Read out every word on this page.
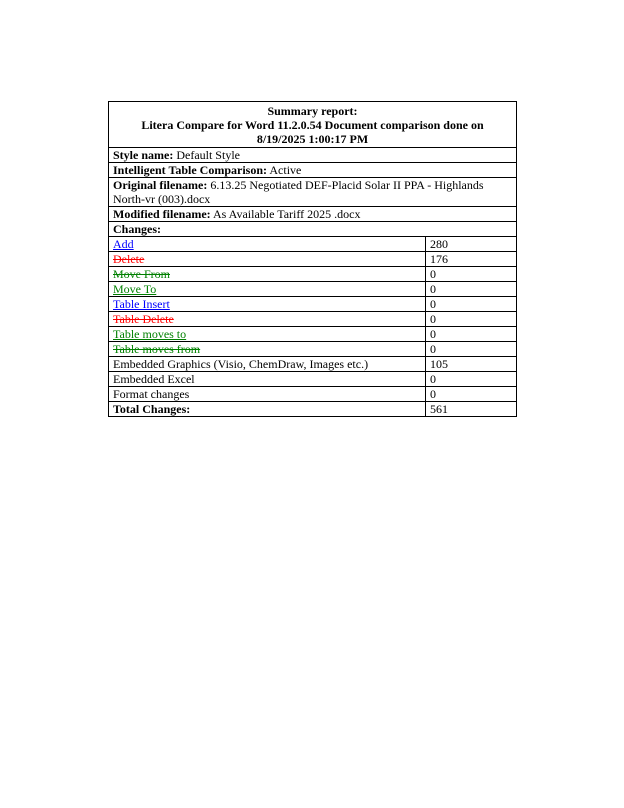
Summary report:
Litera Compare for Word 11.2.0.54 Document comparison done on
8/19/2025 1:00:17 PM	

Style name: Default Style	
Intelligent Table Comparison: Active	
Original filename: 6.13.25 Negotiated DEF-Placid Solar II PPA - Highlands North-vr (003).docx	
Modified filename: As Available Tariff 2025 .docx	
Changes:	
Add	280
Delete	176
Move From	0
Move To	0
Table Insert	0
Table Delete	0
Table moves to	0
Table moves from	0
Embedded Graphics (Visio, ChemDraw, Images etc.)	105
Embedded Excel	0
Format changes	0
Total Changes:	561
